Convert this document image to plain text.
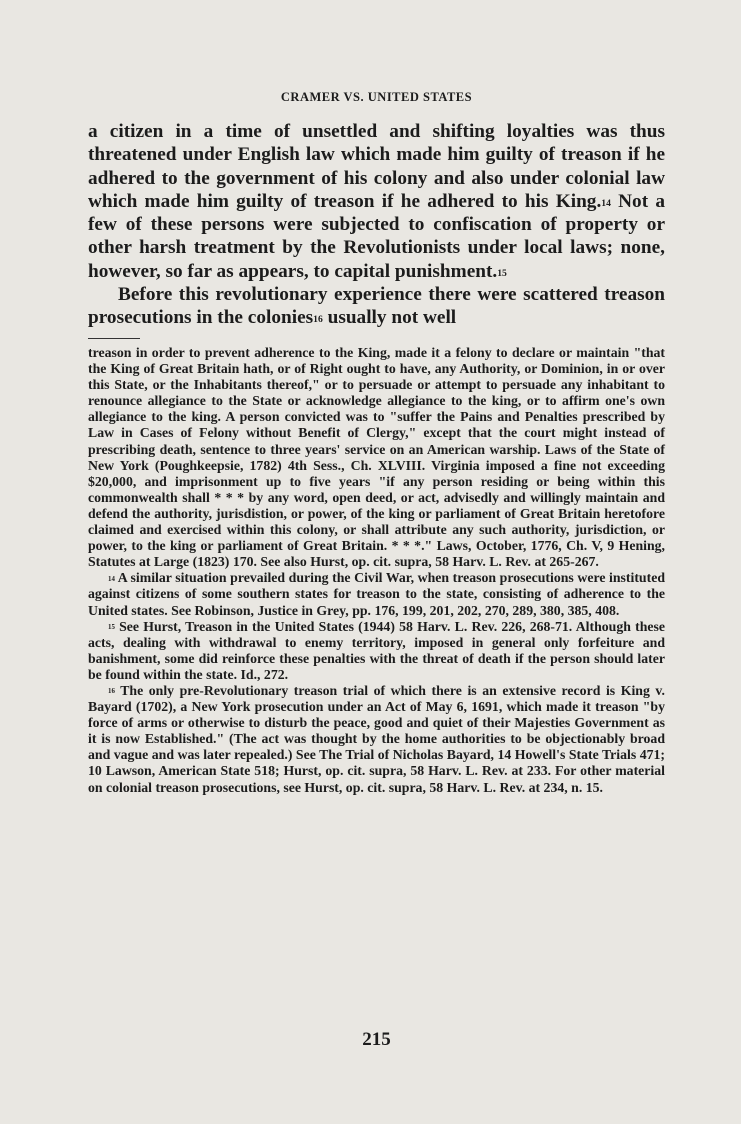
CRAMER VS. UNITED STATES

a citizen in a time of unsettled and shifting loyalties was thus threatened under English law which made him guilty of treason if he adhered to the government of his colony and also under colonial law which made him guilty of treason if he adhered to his King.$^{14}$ Not a few of these persons were subjected to confiscation of property or other harsh treatment by the Revolutionists under local laws; none, however, so far as appears, to capital punishment.$^{15}$

Before this revolutionary experience there were scattered treason prosecutions in the colonies$^{16}$ usually not well

treason in order to prevent adherence to the King, made it a felony to declare or maintain "that the King of Great Britain hath, or of Right ought to have, any Authority, or Dominion, in or over this State, or the Inhabitants thereof," or to persuade or attempt to persuade any inhabitant to renounce allegiance to the State or acknowledge allegiance to the king, or to affirm one's own allegiance to the king. A person convicted was to "suffer the Pains and Penalties prescribed by Law in Cases of Felony without Benefit of Clergy," except that the court might instead of prescribing death, sentence to three years' service on an American warship. Laws of the State of New York (Poughkeepsie, 1782) 4th Sess., Ch. XLVIII. Virginia imposed a fine not exceeding $20,000, and imprisonment up to five years "if any person residing or being within this commonwealth shall * * * by any word, open deed, or act, advisedly and willingly maintain and defend the authority, jurisdistion, or power, of the king or parliament of Great Britain heretofore claimed and exercised within this colony, or shall attribute any such authority, jurisdiction, or power, to the king or parliament of Great Britain. * * *." Laws, October, 1776, Ch. V, 9 Hening, Statutes at Large (1823) 170. See also Hurst, op. cit. supra, 58 Harv. L. Rev. at 265-267.

$^{14}$ A similar situation prevailed during the Civil War, when treason prosecutions were instituted against citizens of some southern states for treason to the state, consisting of adherence to the United states. See Robinson, Justice in Grey, pp. 176, 199, 201, 202, 270, 289, 380, 385, 408.

$^{15}$ See Hurst, Treason in the United States (1944) 58 Harv. L. Rev. 226, 268-71. Although these acts, dealing with withdrawal to enemy territory, imposed in general only forfeiture and banishment, some did reinforce these penalties with the threat of death if the person should later be found within the state. Id., 272.

$^{16}$ The only pre-Revolutionary treason trial of which there is an extensive record is King v. Bayard (1702), a New York prosecution under an Act of May 6, 1691, which made it treason "by force of arms or otherwise to disturb the peace, good and quiet of their Majesties Government as it is now Established." (The act was thought by the home authorities to be objectionably broad and vague and was later repealed.) See The Trial of Nicholas Bayard, 14 Howell's State Trials 471; 10 Lawson, American State 518; Hurst, op. cit. supra, 58 Harv. L. Rev. at 233. For other material on colonial treason prosecutions, see Hurst, op. cit. supra, 58 Harv. L. Rev. at 234, n. 15.

215
